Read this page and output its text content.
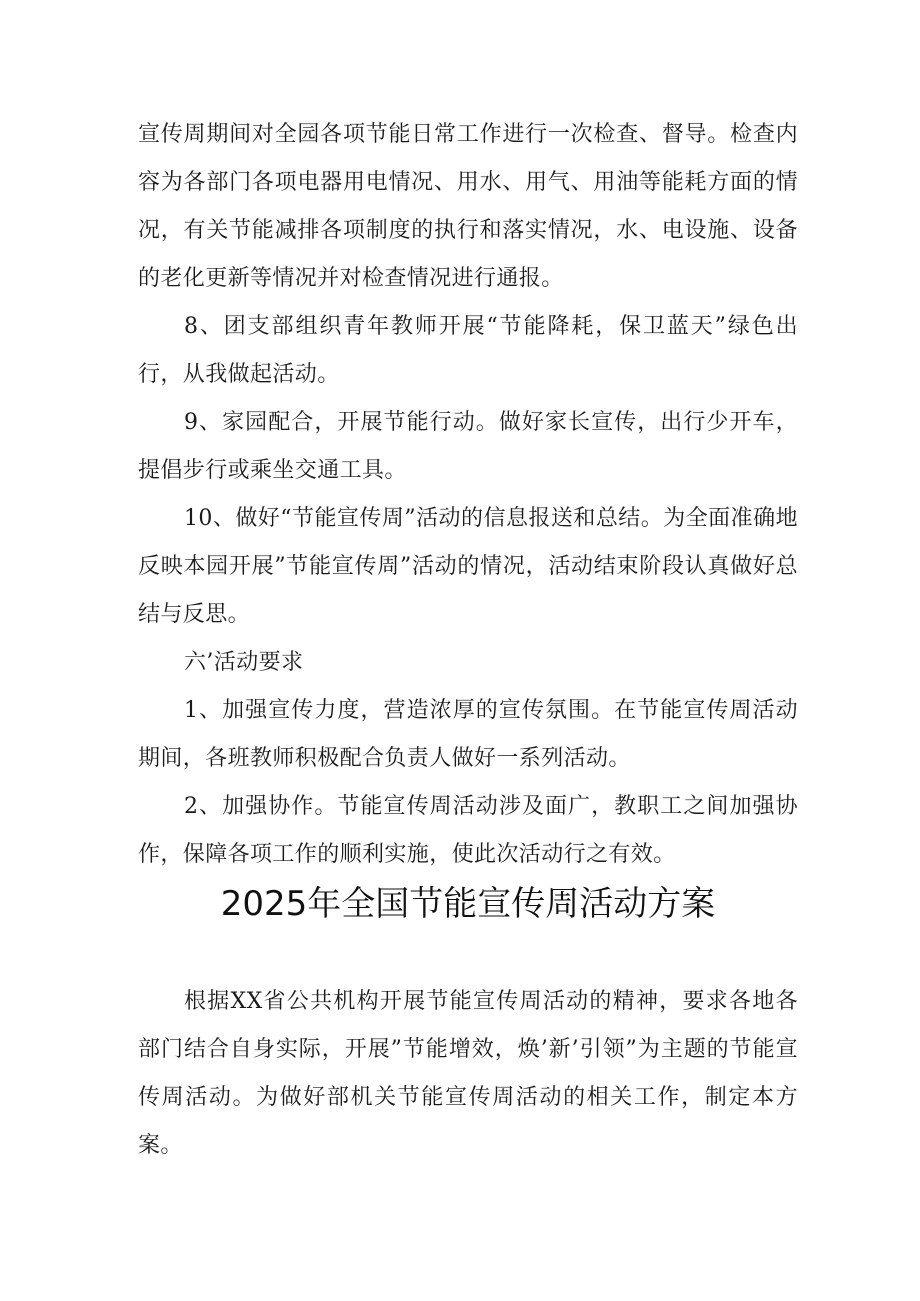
宣传周期间对全园各项节能日常工作进行一次检查、督导。检查内容为各部门各项电器用电情况、用水、用气、用油等能耗方面的情况，有关节能减排各项制度的执行和落实情况，水、电设施、设备的老化更新等情况并对检查情况进行通报。

8、团支部组织青年教师开展“节能降耗，保卫蓝天”绿色出行，从我做起活动。

9、家园配合，开展节能行动。做好家长宣传，出行少开车，提倡步行或乘坐交通工具。

10、做好“节能宣传周”活动的信息报送和总结。为全面准确地反映本园开展”节能宣传周”活动的情况，活动结束阶段认真做好总结与反思。

六’活动要求

1、加强宣传力度，营造浓厚的宣传氛围。在节能宣传周活动期间，各班教师积极配合负责人做好一系列活动。

2、加强协作。节能宣传周活动涉及面广，教职工之间加强协作，保障各项工作的顺利实施，使此次活动行之有效。

2025年全国节能宣传周活动方案

根据XX省公共机构开展节能宣传周活动的精神，要求各地各部门结合自身实际，开展”节能增效，焕’新’引领”为主题的节能宣传周活动。为做好部机关节能宣传周活动的相关工作，制定本方案。
